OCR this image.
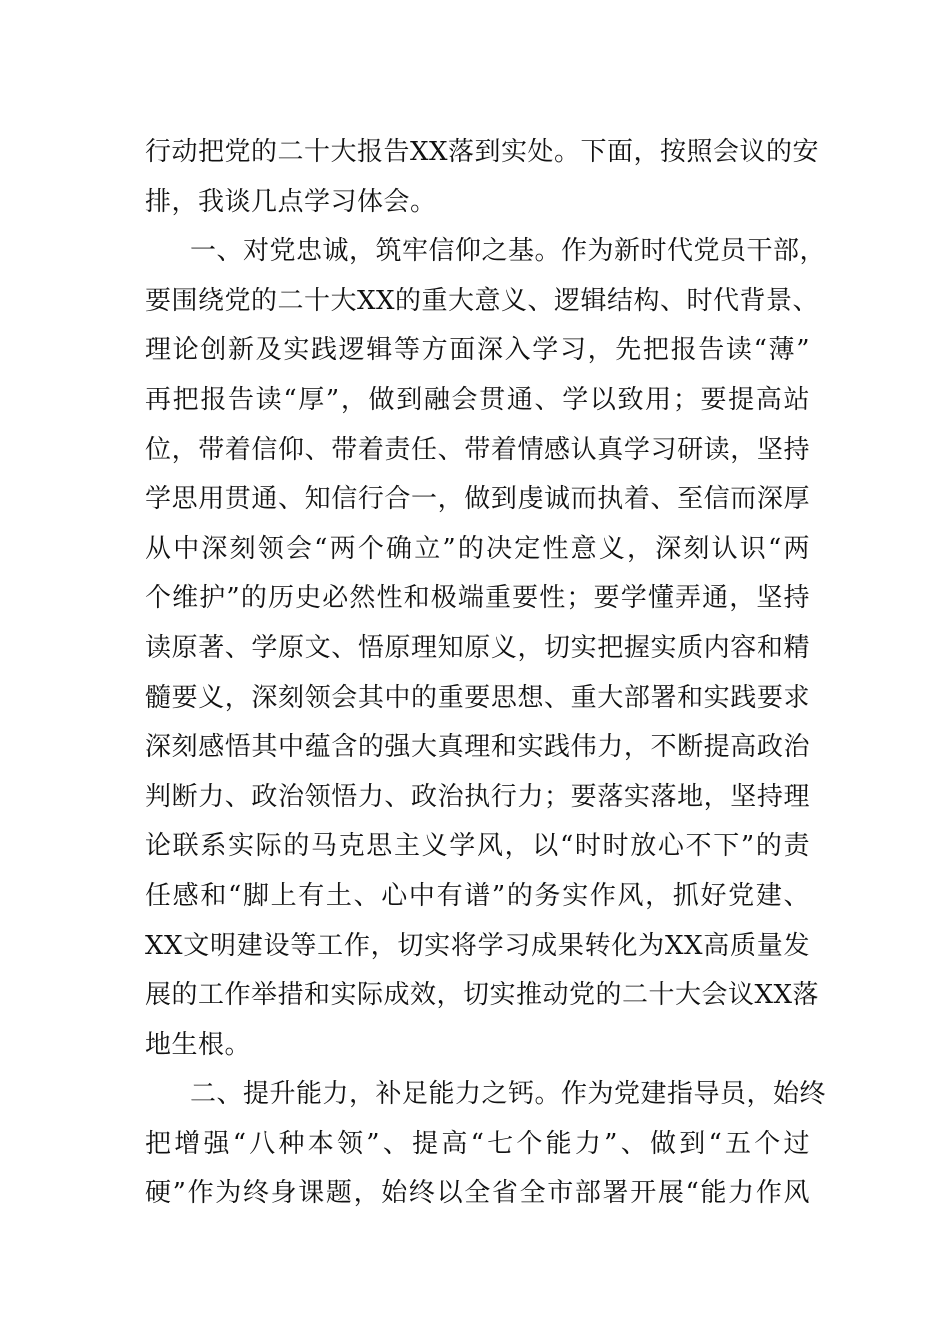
行动把党的二十大报告XX落到实处。下面，按照会议的安
排，我谈几点学习体会。
一、对党忠诚，筑牢信仰之基。作为新时代党员干部，
要围绕党的二十大XX的重大意义、逻辑结构、时代背景、
理论创新及实践逻辑等方面深入学习，先把报告读“薄”
再把报告读“厚”，做到融会贯通、学以致用；要提高站
位，带着信仰、带着责任、带着情感认真学习研读，坚持
学思用贯通、知信行合一，做到虔诚而执着、至信而深厚
从中深刻领会“两个确立”的决定性意义，深刻认识“两
个维护”的历史必然性和极端重要性；要学懂弄通，坚持
读原著、学原文、悟原理知原义，切实把握实质内容和精
髓要义，深刻领会其中的重要思想、重大部署和实践要求
深刻感悟其中蕴含的强大真理和实践伟力，不断提高政治
判断力、政治领悟力、政治执行力；要落实落地，坚持理
论联系实际的马克思主义学风，以“时时放心不下”的责
任感和“脚上有土、心中有谱”的务实作风，抓好党建、
XX文明建设等工作，切实将学习成果转化为XX高质量发
展的工作举措和实际成效，切实推动党的二十大会议XX落
地生根。
二、提升能力，补足能力之钙。作为党建指导员，始终
把增强“八种本领”、提高“七个能力”、做到“五个过
硬”作为终身课题，始终以全省全市部署开展“能力作风
